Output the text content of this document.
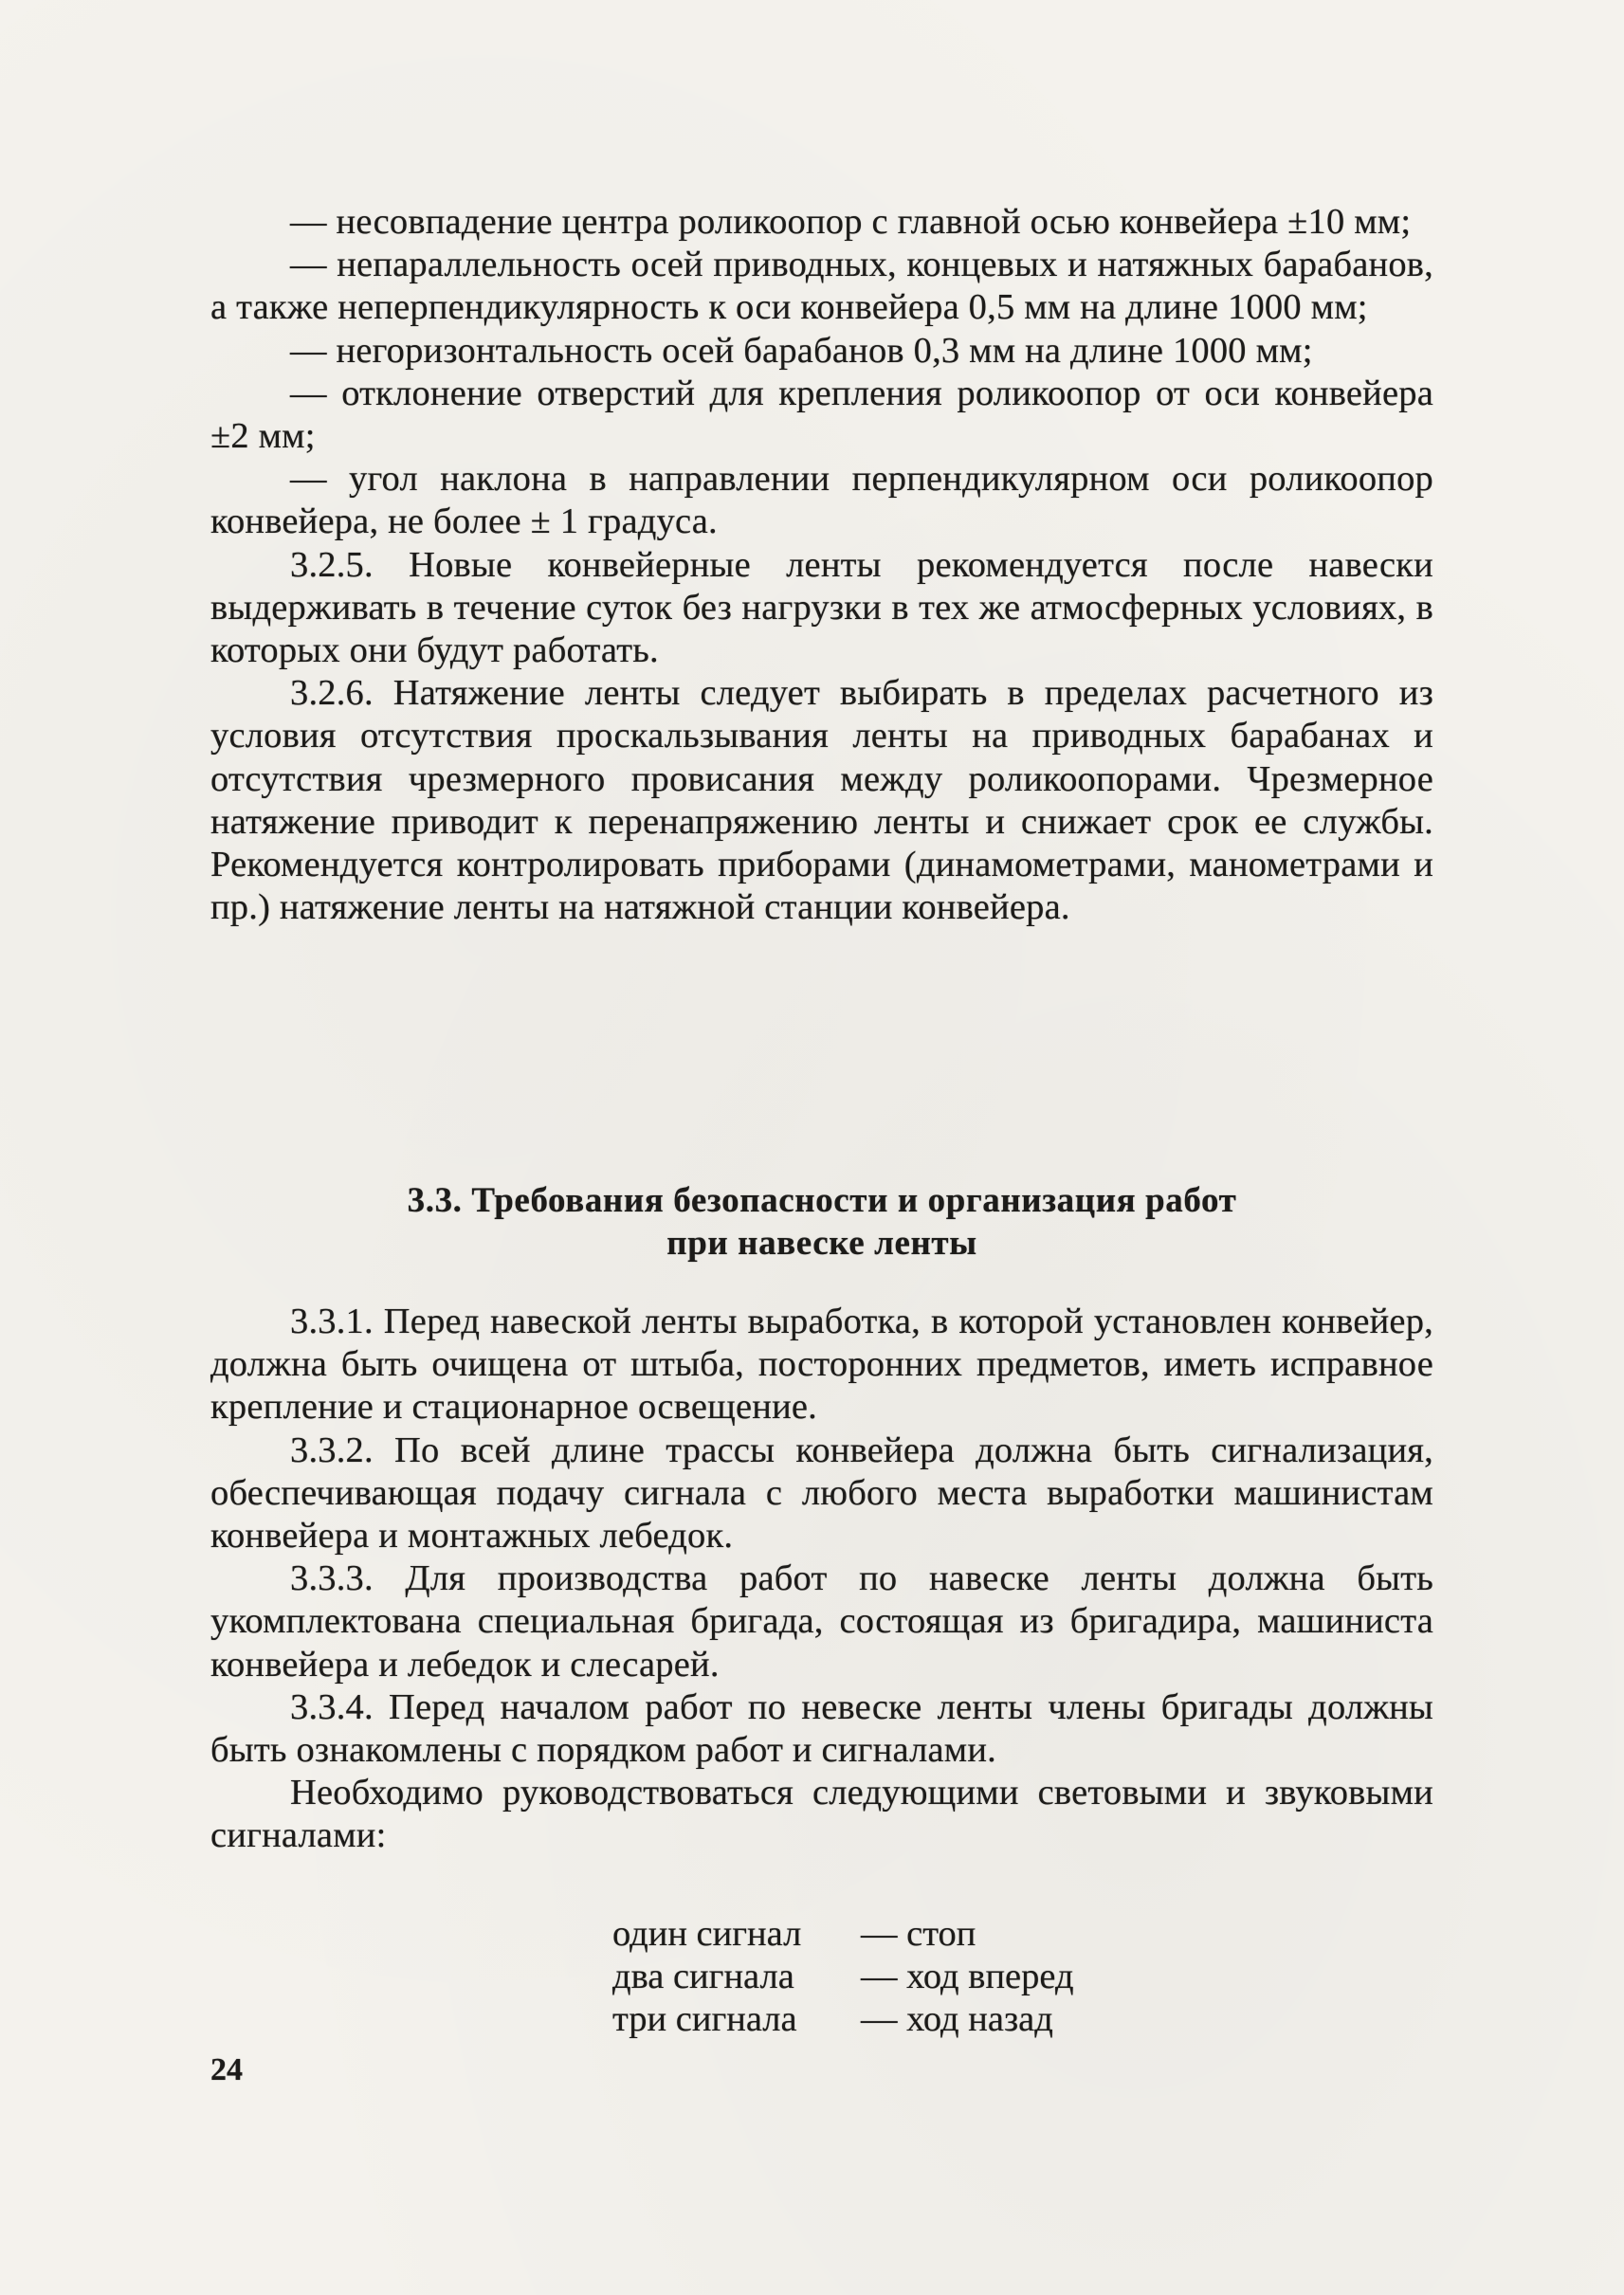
— несовпадение центра роликоопор с главной осью конвейера ±10 мм;

— непараллельность осей приводных, концевых и натяжных барабанов, а также неперпендикулярность к оси конвейера 0,5 мм на длине 1000 мм;

— негоризонтальность осей барабанов 0,3 мм на длине 1000 мм;

— отклонение отверстий для крепления роликоопор от оси конвейера ±2 мм;

— угол наклона в направлении перпендикулярном оси роликоопор конвейера, не более ± 1 градуса.

3.2.5. Новые конвейерные ленты рекомендуется после навески выдерживать в течение суток без нагрузки в тех же атмосферных условиях, в которых они будут работать.

3.2.6. Натяжение ленты следует выбирать в пределах расчетного из условия отсутствия проскальзывания ленты на приводных барабанах и отсутствия чрезмерного провисания между роликоопорами. Чрезмерное натяжение приводит к перенапряжению ленты и снижает срок ее службы. Рекомендуется контролировать приборами (динамометрами, манометрами и пр.) натяжение ленты на натяжной станции конвейера.

3.3. Требования безопасности и организация работ
при навеске ленты

3.3.1. Перед навеской ленты выработка, в которой установлен конвейер, должна быть очищена от штыба, посторонних предметов, иметь исправное крепление и стационарное освещение.

3.3.2. По всей длине трассы конвейера должна быть сигнализация, обеспечивающая подачу сигнала с любого места выработки машинистам конвейера и монтажных лебедок.

3.3.3. Для производства работ по навеске ленты должна быть укомплектована специальная бригада, состоящая из бригадира, машиниста конвейера и лебедок и слесарей.

3.3.4. Перед началом работ по невеске ленты члены бригады должны быть ознакомлены с порядком работ и сигналами.

Необходимо руководствоваться следующими световыми и звуковыми сигналами:

один сигнал	— стоп
два сигнала	— ход вперед
три сигнала	— ход назад
24
